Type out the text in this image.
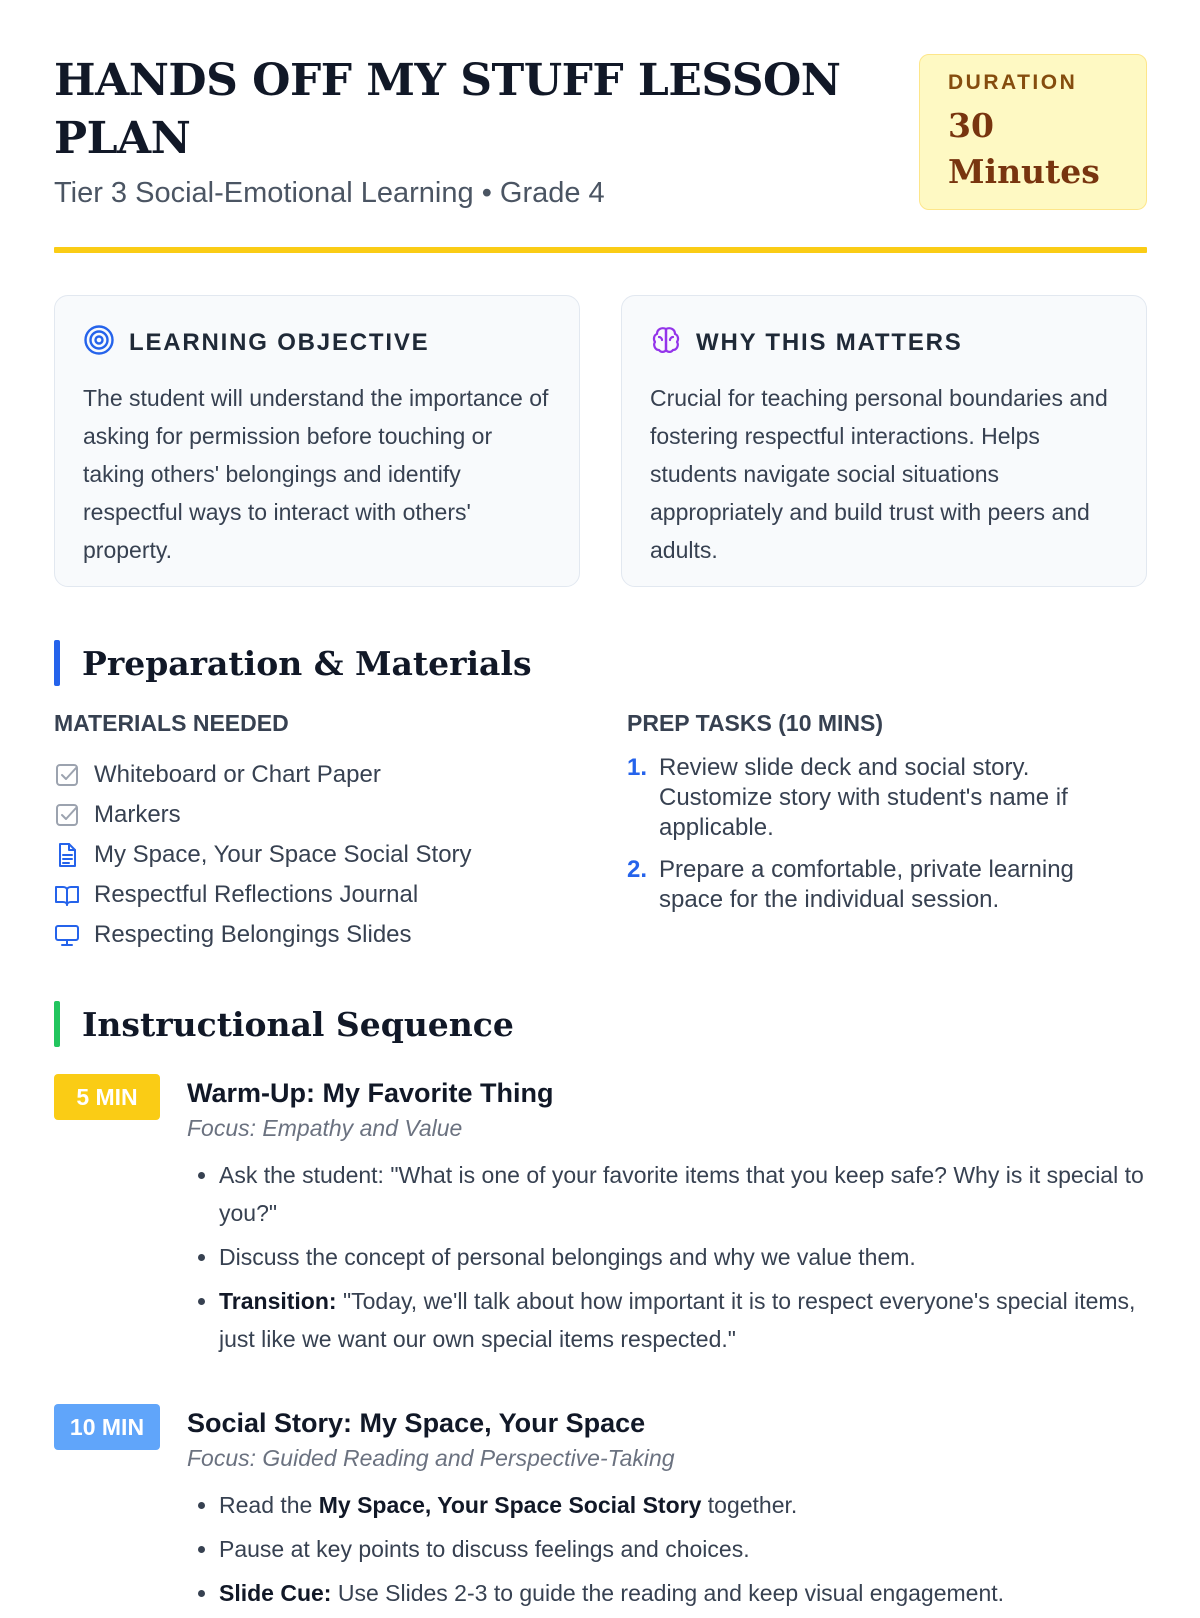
HANDS OFF MY STUFF LESSON PLAN

Tier 3 Social-Emotional Learning • Grade 4

DURATION
30 Minutes
LEARNING OBJECTIVE

The student will understand the importance of asking for permission before touching or taking others' belongings and identify respectful ways to interact with others' property.

WHY THIS MATTERS

Crucial for teaching personal boundaries and fostering respectful interactions. Helps students navigate social situations appropriately and build trust with peers and adults.

Preparation & Materials
MATERIALS NEEDED	PREP TASKS (10 MINS)
Whiteboard or Chart Paper
Markers
My Space, Your Space Social Story
Respectful Reflections Journal
Respecting Belongings Slides
1. Review slide deck and social story. Customize story with student's name if applicable.
2. Prepare a comfortable, private learning space for the individual session.
Instructional Sequence
5 MIN	Warm-Up: My Favorite Thing
Focus: Empathy and Value
• Ask the student: "What is one of your favorite items that you keep safe? Why is it special to you?"
• Discuss the concept of personal belongings and why we value them.
• Transition: "Today, we'll talk about how important it is to respect everyone's special items, just like we want our own special items respected."
10 MIN	Social Story: My Space, Your Space
Focus: Guided Reading and Perspective-Taking
• Read the My Space, Your Space Social Story together.
• Pause at key points to discuss feelings and choices.
• Slide Cue: Use Slides 2-3 to guide the reading and keep visual engagement.
